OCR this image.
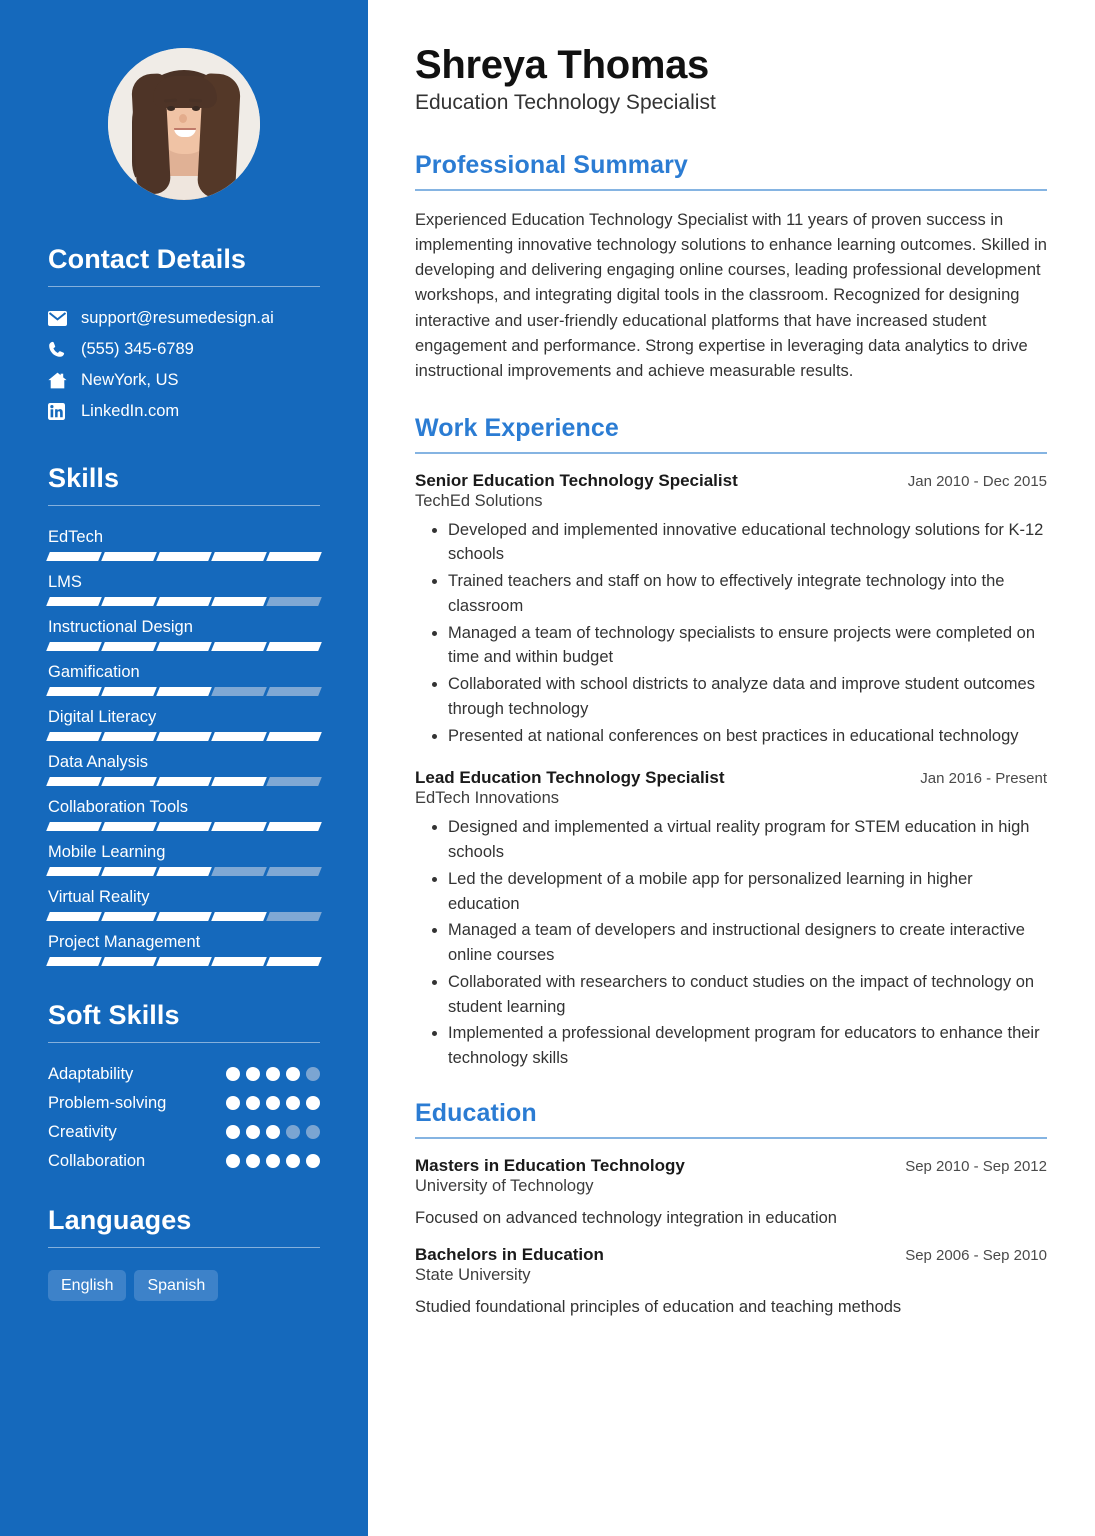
Contact Details
support@resumedesign.ai
(555) 345-6789
NewYork, US
LinkedIn.com
Skills
EdTech
LMS
Instructional Design
Gamification
Digital Literacy
Data Analysis
Collaboration Tools
Mobile Learning
Virtual Reality
Project Management
Soft Skills
Adaptability
Problem-solving
Creativity
Collaboration
Languages
English	Spanish
Shreya Thomas
Education Technology Specialist
Professional Summary

Experienced Education Technology Specialist with 11 years of proven success in implementing innovative technology solutions to enhance learning outcomes. Skilled in developing and delivering engaging online courses, leading professional development workshops, and integrating digital tools in the classroom. Recognized for designing interactive and user-friendly educational platforms that have increased student engagement and performance. Strong expertise in leveraging data analytics to drive instructional improvements and achieve measurable results.

Work Experience
Senior Education Technology Specialist	Jan 2010 - Dec 2015
TechEd Solutions
Developed and implemented innovative educational technology solutions for K-12 schools
Trained teachers and staff on how to effectively integrate technology into the classroom
Managed a team of technology specialists to ensure projects were completed on time and within budget
Collaborated with school districts to analyze data and improve student outcomes through technology
Presented at national conferences on best practices in educational technology
Lead Education Technology Specialist	Jan 2016 - Present
EdTech Innovations
Designed and implemented a virtual reality program for STEM education in high schools
Led the development of a mobile app for personalized learning in higher education
Managed a team of developers and instructional designers to create interactive online courses
Collaborated with researchers to conduct studies on the impact of technology on student learning
Implemented a professional development program for educators to enhance their technology skills
Education
Masters in Education Technology	Sep 2010 - Sep 2012
University of Technology
Focused on advanced technology integration in education
Bachelors in Education	Sep 2006 - Sep 2010
State University
Studied foundational principles of education and teaching methods
